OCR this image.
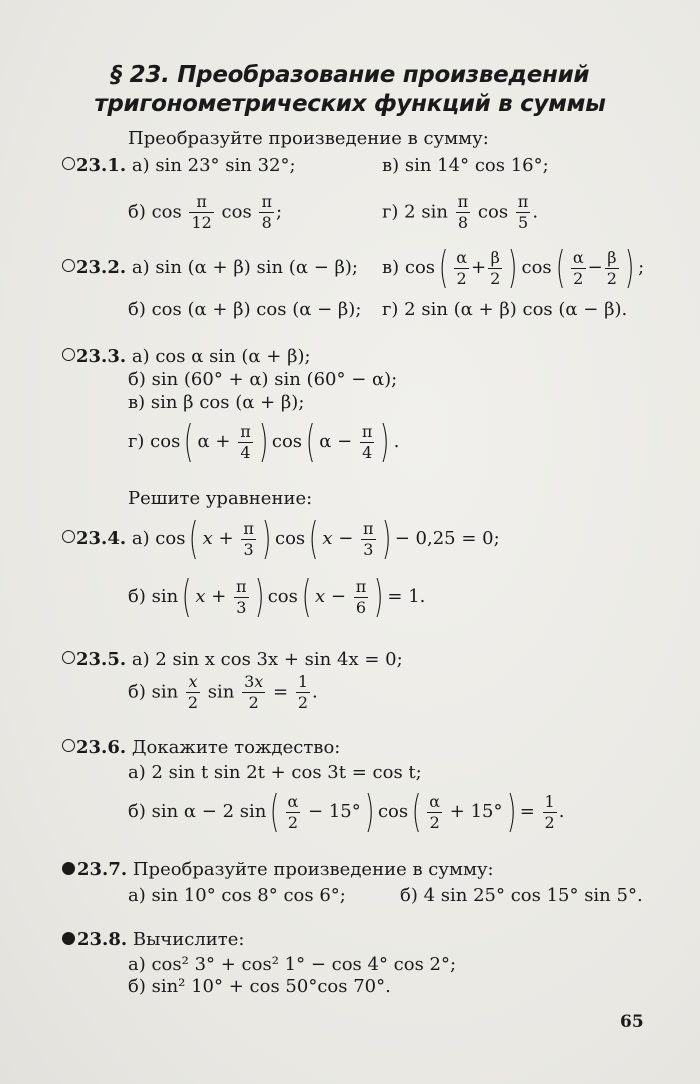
§ 23. Преобразование произведений
тригонометрических функций в суммы
Преобразуйте произведение в сумму:
23.1. а) sin 23° sin 32°;	в) sin 14° cos 16°;
б) $\cos \frac{\pi}{12}$ $\cos \frac{\pi}{8}$ ;	г) 2 $\sin \frac{\pi}{8}$ $\cos \frac{\pi}{5}$ .
23.2. а) sin (α + β) sin (α − β); в) $\cos( \frac{\alpha}{2} + \frac{\beta}{2}$ ) $\cos( \frac{\alpha}{2} - \frac{\beta}{2}$ ) ;
б) cos (α + β) cos (α − β); г) 2 sin (α + β) cos (α − β).
23.3. а) cos α sin (α + β);
б) sin (60° + α) sin (60° − α);
в) sin β cos (α + β);
г) cos( $\alpha + \frac{\pi}{4}$ ) cos( $\alpha - \frac{\pi}{4}$ ) .
Решите уравнение:
23.4. а) cos( $x + \frac{\pi}{3}$ ) cos( $x - \frac{\pi}{3}$ ) − 0,25 = 0;
б) sin( $x + \frac{\pi}{3}$ ) cos( $x - \frac{\pi}{6}$ ) = 1.
23.5. а) 2 sin x cos 3x + sin 4x = 0;
б) $\sin \frac{x}{2}$ $\sin \frac{3x}{2} = \frac{1}{2}$ .
23.6. Докажите тождество:
а) 2 sin t sin 2t + cos 3t = cos t;
б) sin α − 2 $\sin( \frac{\alpha}{2} - 15^\circ)$ $\cos( \frac{\alpha}{2} + 15^\circ) = \frac{1}{2}$ .
23.7. Преобразуйте произведение в сумму:
а) sin 10° cos 8° cos 6°;	б) 4 sin 25° cos 15° sin 5°.
23.8. Вычислите:
а) cos² 3° + cos² 1° − cos 4° cos 2°;
б) sin² 10° + cos 50°cos 70°.
65
